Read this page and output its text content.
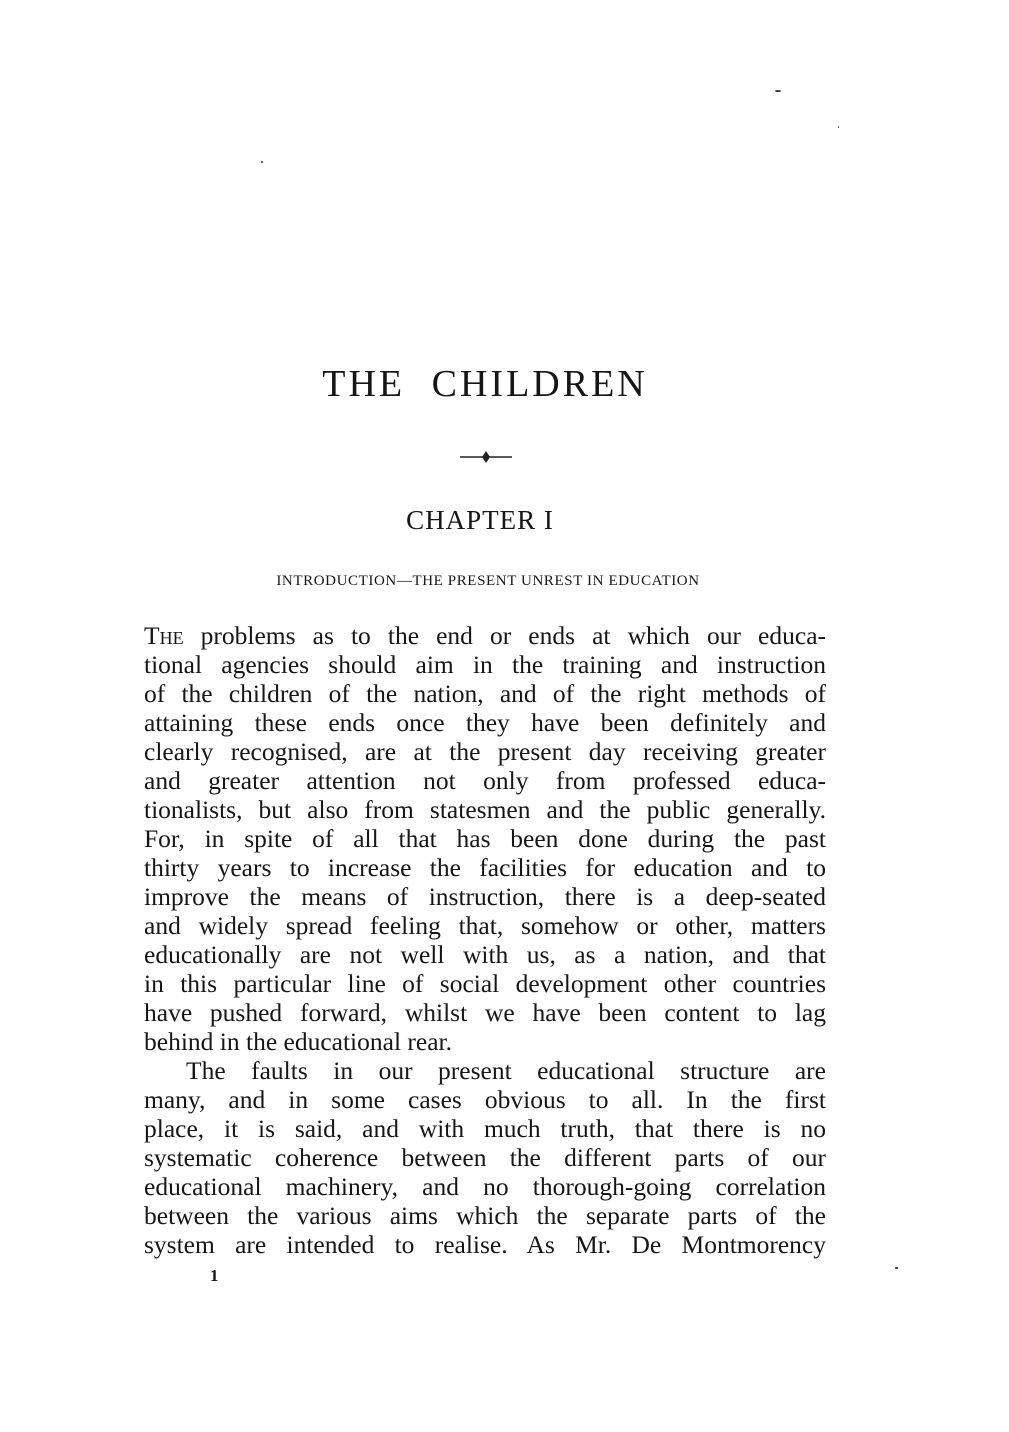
THE CHILDREN
CHAPTER I
INTRODUCTION—THE PRESENT UNREST IN EDUCATION
The problems as to the end or ends at which our educa-
tional agencies should aim in the training and instruction
of the children of the nation, and of the right methods of
attaining these ends once they have been definitely and
clearly recognised, are at the present day receiving greater
and greater attention not only from professed educa-
tionalists, but also from statesmen and the public generally.
For, in spite of all that has been done during the past
thirty years to increase the facilities for education and to
improve the means of instruction, there is a deep-seated
and widely spread feeling that, somehow or other, matters
educationally are not well with us, as a nation, and that
in this particular line of social development other countries
have pushed forward, whilst we have been content to lag
behind in the educational rear.
The faults in our present educational structure are
many, and in some cases obvious to all. In the first
place, it is said, and with much truth, that there is no
systematic coherence between the different parts of our
educational machinery, and no thorough-going correlation
between the various aims which the separate parts of the
system are intended to realise. As Mr. De Montmorency
1
